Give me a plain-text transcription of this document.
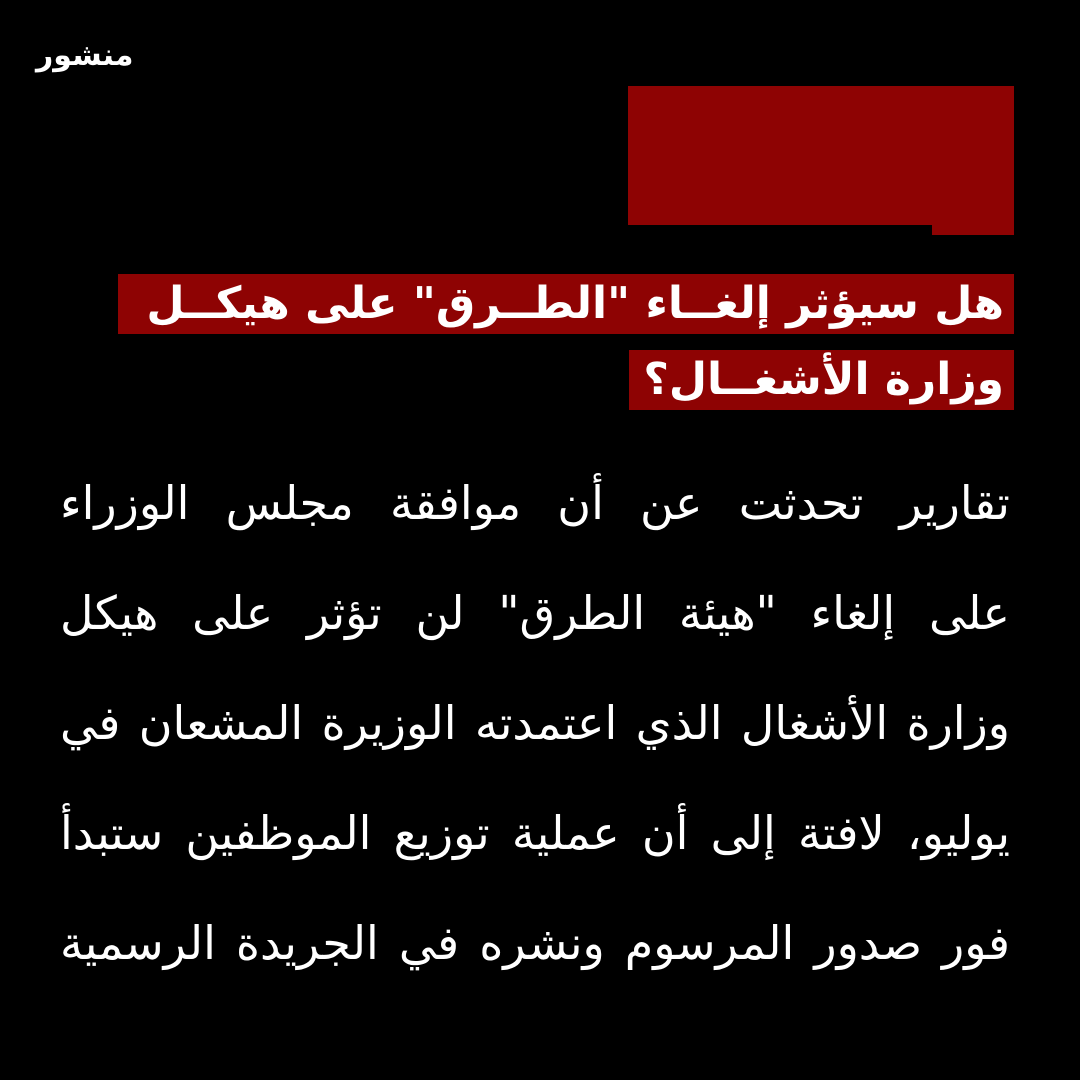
منشور
هل سيؤثر إلغــاء "الطــرق" على هيكــل
وزارة الأشغــال؟
تقارير تحدثت عن أن موافقة مجلس الوزراء
على إلغاء "هيئة الطرق" لن تؤثر على هيكل
وزارة الأشغال الذي اعتمدته الوزيرة المشعان في
يوليو، لافتة إلى أن عملية توزيع الموظفين ستبدأ
فور صدور المرسوم ونشره في الجريدة الرسمية
